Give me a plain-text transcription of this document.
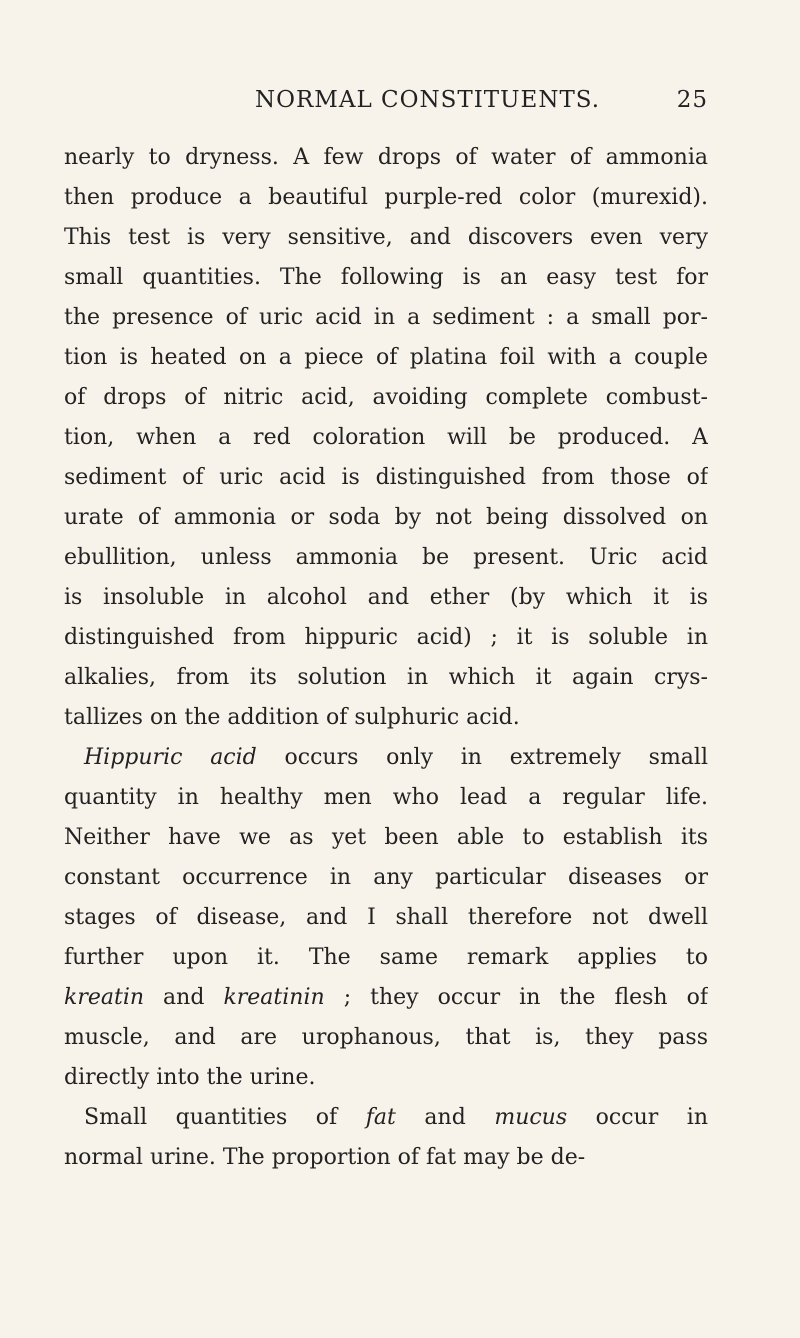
NORMAL CONSTITUENTS.	25
nearly to dryness. A few drops of water of ammonia
then produce a beautiful purple-red color (murexid).
This test is very sensitive, and discovers even very
small quantities. The following is an easy test for
the presence of uric acid in a sediment : a small por-
tion is heated on a piece of platina foil with a couple
of drops of nitric acid, avoiding complete combust-
tion, when a red coloration will be produced. A
sediment of uric acid is distinguished from those of
urate of ammonia or soda by not being dissolved on
ebullition, unless ammonia be present. Uric acid
is insoluble in alcohol and ether (by which it is
distinguished from hippuric acid) ; it is soluble in
alkalies, from its solution in which it again crys-
tallizes on the addition of sulphuric acid.
Hippuric acid occurs only in extremely small
quantity in healthy men who lead a regular life.
Neither have we as yet been able to establish its
constant occurrence in any particular diseases or
stages of disease, and I shall therefore not dwell
further upon it. The same remark applies to
kreatin and kreatinin ; they occur in the flesh of
muscle, and are urophanous, that is, they pass
directly into the urine.
Small quantities of fat and mucus occur in
normal urine. The proportion of fat may be de-
